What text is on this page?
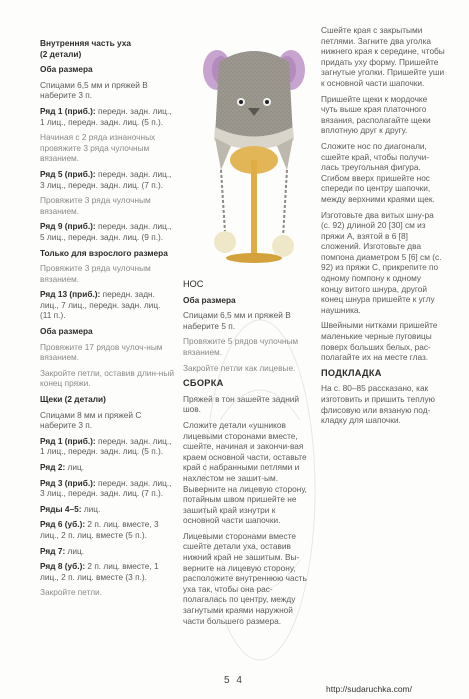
Внутренняя часть уха
(2 детали)

Оба размера

Спицами 6,5 мм и пряжей В наберите 3 п.

Ряд 1 (приб.): передн. задн. лиц., 1 лиц., передн. задн. лиц. (5 п.).

Начиная с 2 ряда изнаночных провяжите 3 ряда чулочным вязанием.

Ряд 5 (приб.): передн. задн. лиц., 3 лиц., передн. задн. лиц. (7 п.).

Провяжите 3 ряда чулочным вязанием.

Ряд 9 (приб.): передн. задн. лиц., 5 лиц., передн. задн. лиц. (9 п.).

Только для взрослого размера

Провяжите 3 ряда чулочным вязанием.

Ряд 13 (приб.): передн. задн. лиц., 7 лиц., передн. задн. лиц. (11 п.).

Оба размера

Провяжите 17 рядов чулоч-ным вязанием.

Закройте петли, оставив длин-ный конец пряжи.

Щеки (2 детали)

Спицами 8 мм и пряжей С наберите 3 п.

Ряд 1 (приб.): передн. задн. лиц., 1 лиц., передн. задн. лиц. (5 п.).

Ряд 2: лиц.

Ряд 3 (приб.): передн. задн. лиц., 3 лиц., передн. задн. лиц. (7 п.).

Ряды 4–5: лиц.

Ряд 6 (уб.): 2 п. лиц. вместе, 3 лиц., 2 п. лиц. вместе (5 п.).

Ряд 7: лиц.

Ряд 8 (уб.): 2 п. лиц. вместе, 1 лиц., 2 п. лиц. вместе (3 п.).

Закройте петли.

НОС

Оба размера

Спицами 6,5 мм и пряжей В наберите 5 п.

Провяжите 5 рядов чулочным вязанием.

Закройте петли как лицевые.

СБОРКА

Пряжей в тон зашейте задний шов.

Сложите детали «ушников лицевыми сторонами вместе, сшейте, начиная и закончи-вая краем основной части, оставьте край с набранными петлями и нахлестом не зашит-ым. Выверните на лицевую сторону, потайным швом пришейте не зашитый край изнутри к основной части шапочки.

Лицевыми сторонами вместе сшейте детали уха, оставив нижний край не зашитым. Вы-верните на лицевую сторону, расположите внутреннюю часть уха так, чтобы она рас-полагалась по центру, между загнутыми краями наружной части большего размера.

Сшейте края с закрытыми петлями. Загните два уголка нижнего края к середине, чтобы придать уху форму. Пришейте загнутые уголки. Пришейте уши к основной части шапочки.

Пришейте щеки к мордочке чуть выше края платочного вязания, располагайте щеки вплотную друг к другу.

Сложите нос по диагонали, сшейте край, чтобы получи-лась треугольная фигура. Сгибом вверх пришейте нос спереди по центру шапочки, между верхними краями щек.

Изготовьте два витых шну-ра (с. 92) длиной 20 [30] см из пряжи А, взятой в 6 [8] сложений. Изготовьте два помпона диаметром 5 [6] см (с. 92) из пряжи С, прикрепите по одному помпону к одному концу витого шнура, другой конец шнура пришейте к углу наушника.

Швейными нитками пришейте маленькие черные пуговицы поверх больших белых, рас-полагайте их на месте глаз.

ПОДКЛАДКА

На с. 80–85 рассказано, как изготовить и пришить теплую флисовую или вязаную под-кладку для шапочки.

5 4
http://sudaruchka.com/
